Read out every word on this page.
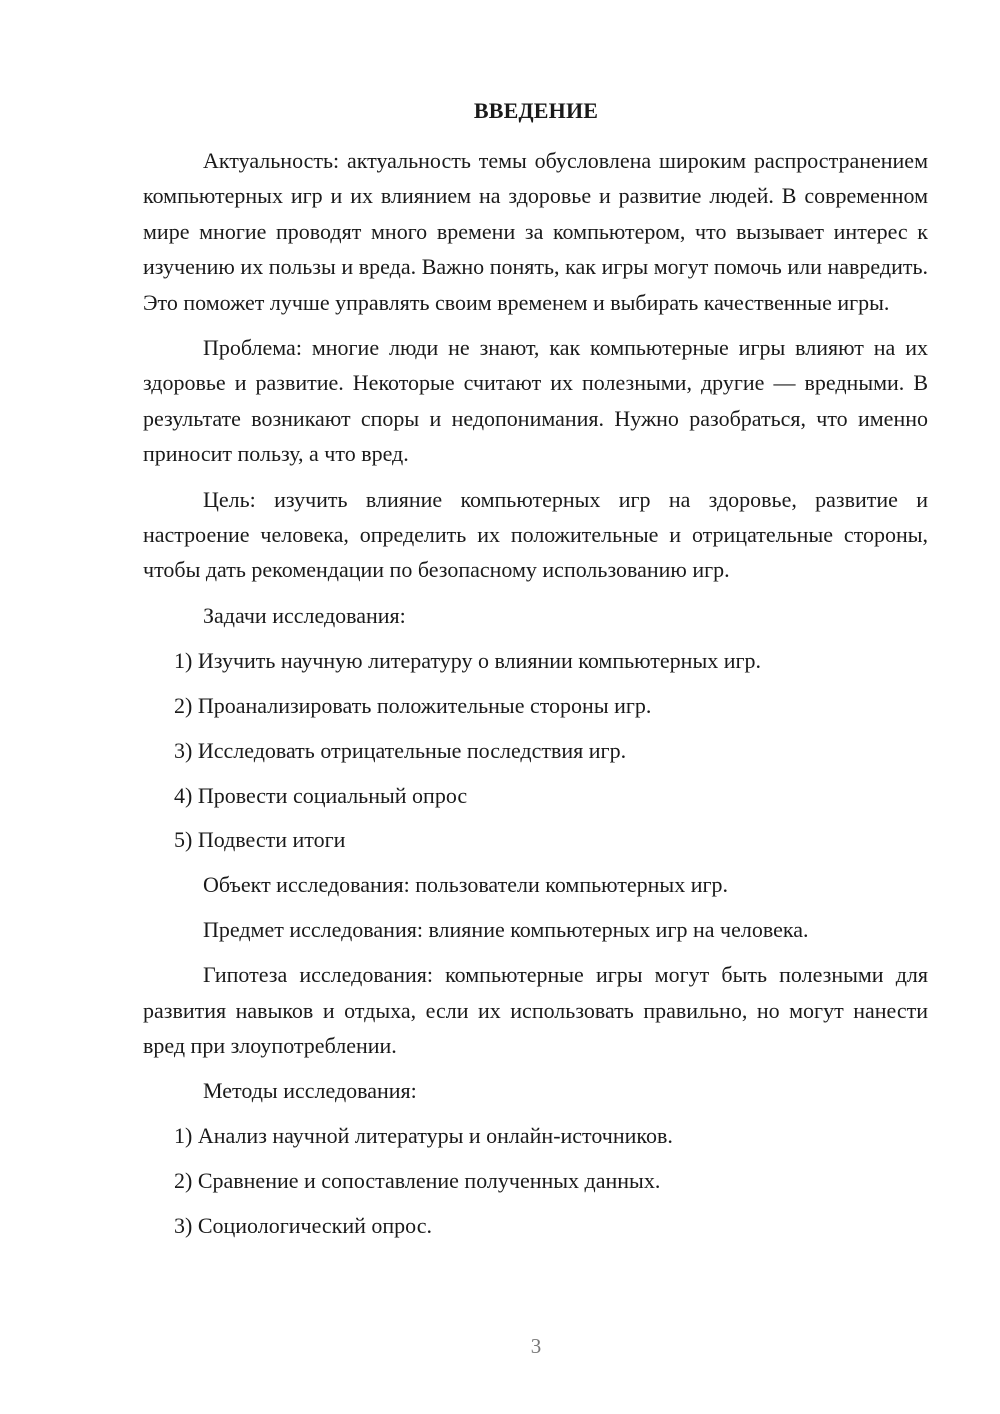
ВВЕДЕНИЕ

Актуальность: актуальность темы обусловлена широким распространением компьютерных игр и их влиянием на здоровье и развитие людей. В современном мире многие проводят много времени за компьютером, что вызывает интерес к изучению их пользы и вреда. Важно понять, как игры могут помочь или навредить. Это поможет лучше управлять своим временем и выбирать качественные игры.

Проблема: многие люди не знают, как компьютерные игры влияют на их здоровье и развитие. Некоторые считают их полезными, другие — вредными. В результате возникают споры и недопонимания. Нужно разобраться, что именно приносит пользу, а что вред.

Цель: изучить влияние компьютерных игр на здоровье, развитие и настроение человека, определить их положительные и отрицательные стороны, чтобы дать рекомендации по безопасному использованию игр.

Задачи исследования:

1) Изучить научную литературу о влиянии компьютерных игр.

2) Проанализировать положительные стороны игр.

3) Исследовать отрицательные последствия игр.

4) Провести социальный опрос

5) Подвести итоги

Объект исследования: пользователи компьютерных игр.

Предмет исследования: влияние компьютерных игр на человека.

Гипотеза исследования: компьютерные игры могут быть полезными для развития навыков и отдыха, если их использовать правильно, но могут нанести вред при злоупотреблении.

Методы исследования:

1) Анализ научной литературы и онлайн-источников.

2) Сравнение и сопоставление полученных данных.

3) Социологический опрос.

3
